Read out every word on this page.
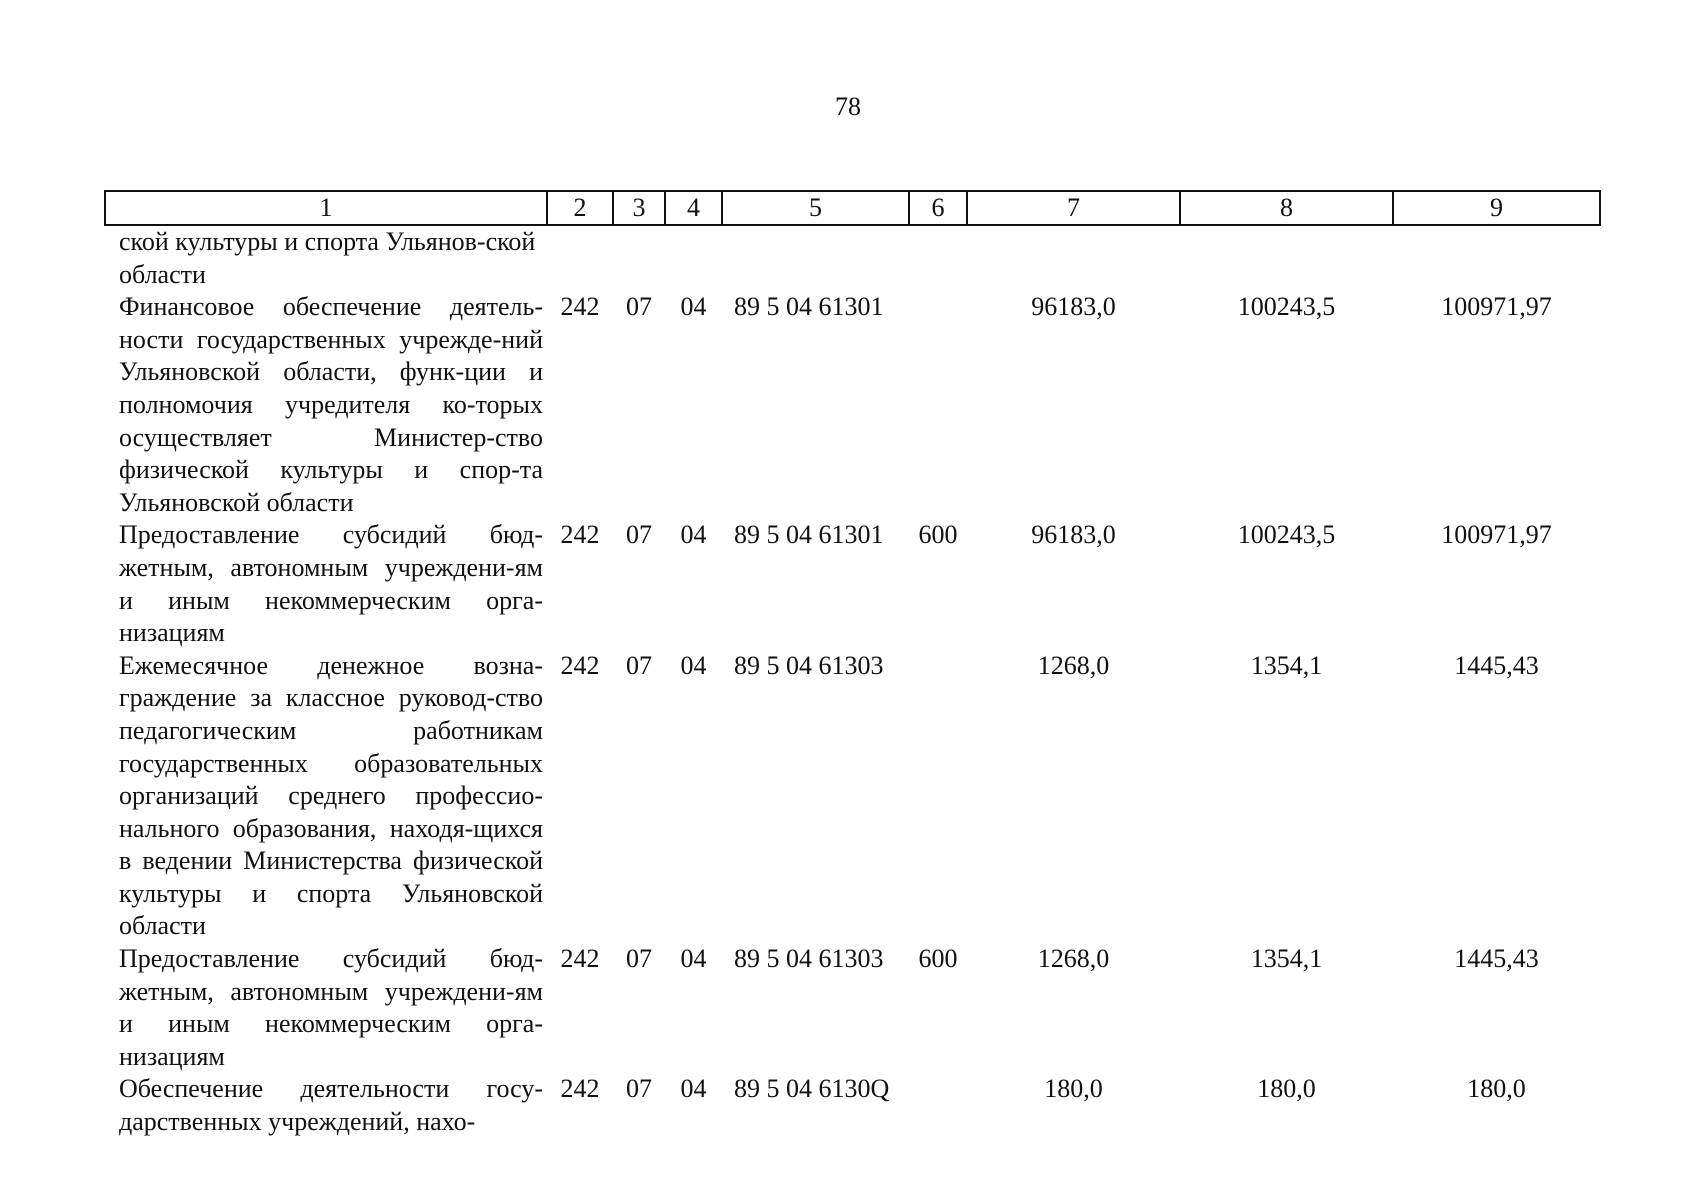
78
1	2	3	4	5	6	7	8	9
ской культуры и спорта Ульянов-ской области								
Финансовое обеспечение деятель-ности государственных учрежде-ний Ульяновской области, функ-ции и полномочия учредителя ко-торых осуществляет Министер-ство физической культуры и спор-та Ульяновской области	242	07	04	89 5 04 61301		96183,0	100243,5	100971,97
Предоставление субсидий бюд-жетным, автономным учреждени-ям и иным некоммерческим орга-низациям	242	07	04	89 5 04 61301	600	96183,0	100243,5	100971,97
Ежемесячное денежное возна-граждение за классное руковод-ство педагогическим работникам государственных образовательных организаций среднего профессио-нального образования, находя-щихся в ведении Министерства физической культуры и спорта Ульяновской области	242	07	04	89 5 04 61303		1268,0	1354,1	1445,43
Предоставление субсидий бюд-жетным, автономным учреждени-ям и иным некоммерческим орга-низациям	242	07	04	89 5 04 61303	600	1268,0	1354,1	1445,43
Обеспечение деятельности госу-дарственных учреждений, нахо-	242	07	04	89 5 04 6130Q		180,0	180,0	180,0
